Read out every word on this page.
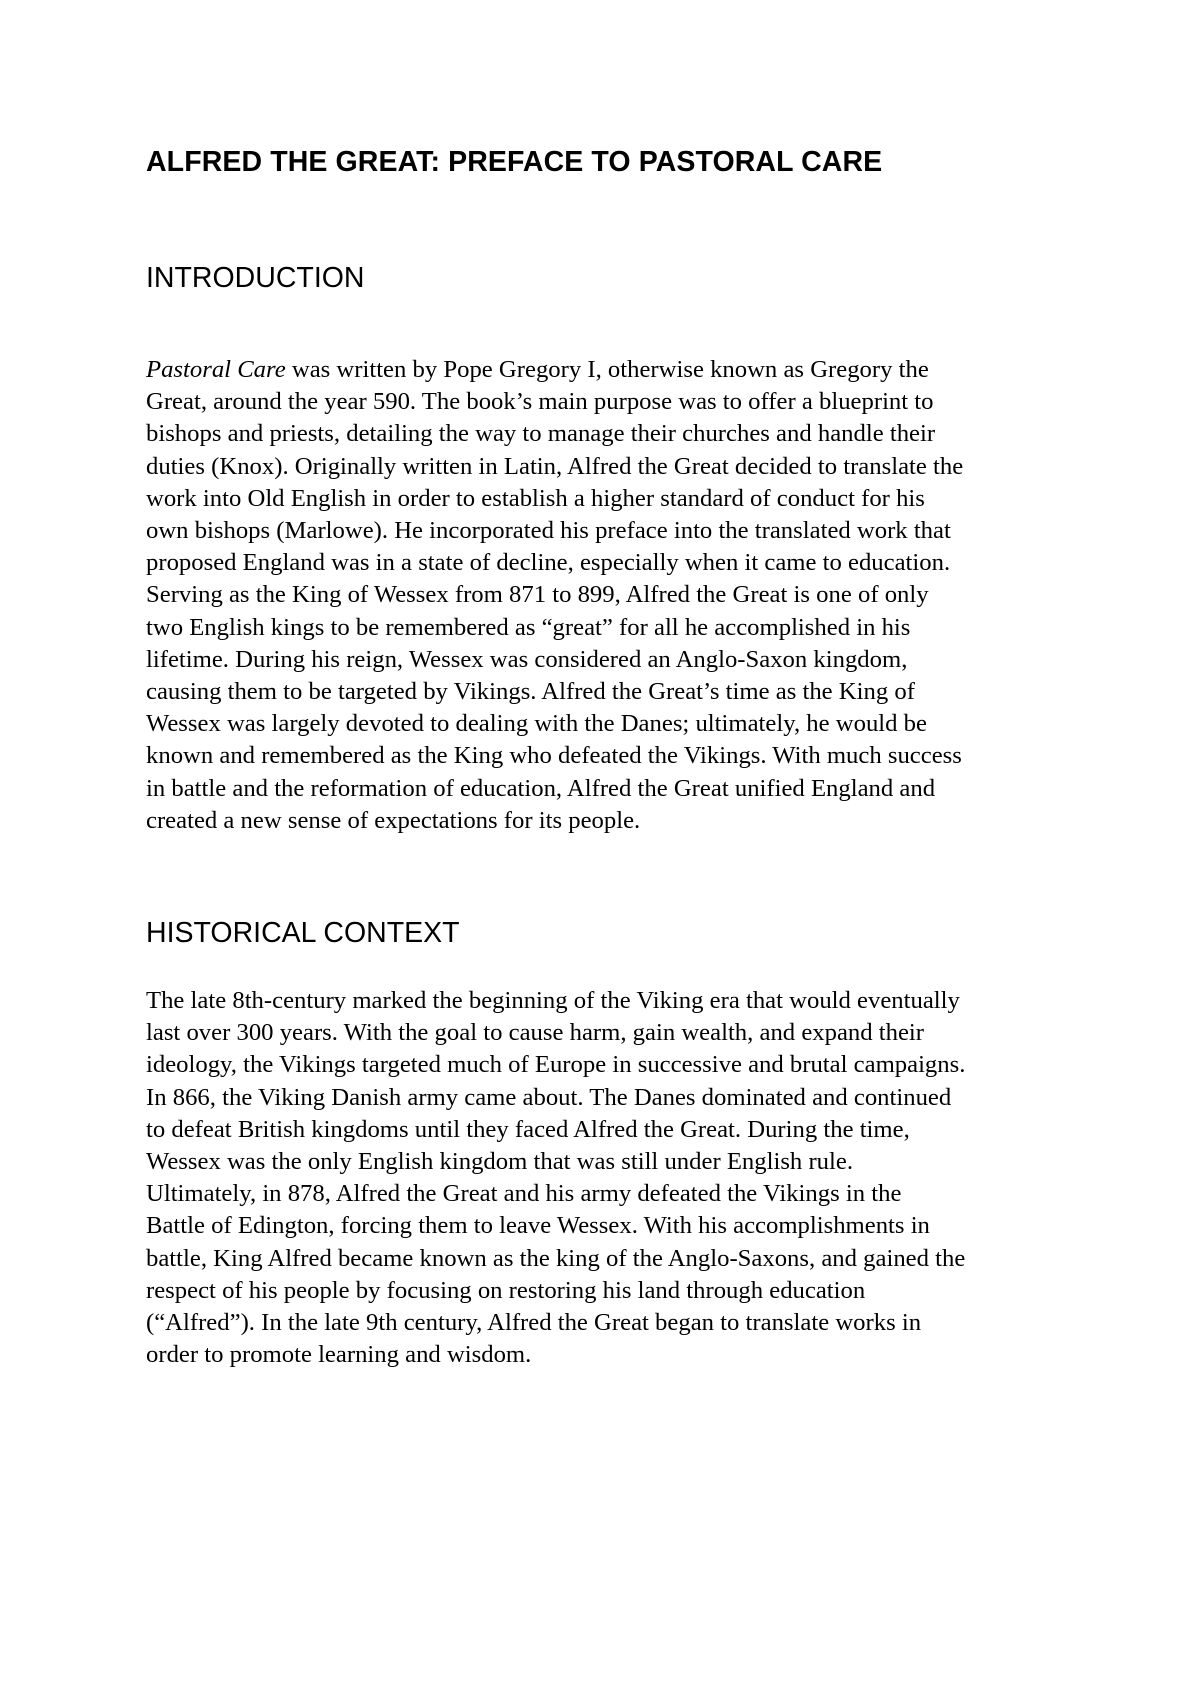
ALFRED THE GREAT: PREFACE TO PASTORAL CARE
INTRODUCTION
Pastoral Care was written by Pope Gregory I, otherwise known as Gregory the
Great, around the year 590. The book’s main purpose was to offer a blueprint to
bishops and priests, detailing the way to manage their churches and handle their
duties (Knox). Originally written in Latin, Alfred the Great decided to translate the
work into Old English in order to establish a higher standard of conduct for his
own bishops (Marlowe). He incorporated his preface into the translated work that
proposed England was in a state of decline, especially when it came to education.
Serving as the King of Wessex from 871 to 899, Alfred the Great is one of only
two English kings to be remembered as “great” for all he accomplished in his
lifetime. During his reign, Wessex was considered an Anglo-Saxon kingdom,
causing them to be targeted by Vikings. Alfred the Great’s time as the King of
Wessex was largely devoted to dealing with the Danes; ultimately, he would be
known and remembered as the King who defeated the Vikings. With much success
in battle and the reformation of education, Alfred the Great unified England and
created a new sense of expectations for its people.
HISTORICAL CONTEXT
The late 8th-century marked the beginning of the Viking era that would eventually
last over 300 years. With the goal to cause harm, gain wealth, and expand their
ideology, the Vikings targeted much of Europe in successive and brutal campaigns.
In 866, the Viking Danish army came about. The Danes dominated and continued
to defeat British kingdoms until they faced Alfred the Great. During the time,
Wessex was the only English kingdom that was still under English rule.
Ultimately, in 878, Alfred the Great and his army defeated the Vikings in the
Battle of Edington, forcing them to leave Wessex. With his accomplishments in
battle, King Alfred became known as the king of the Anglo-Saxons, and gained the
respect of his people by focusing on restoring his land through education
(“Alfred”). In the late 9th century, Alfred the Great began to translate works in
order to promote learning and wisdom.
